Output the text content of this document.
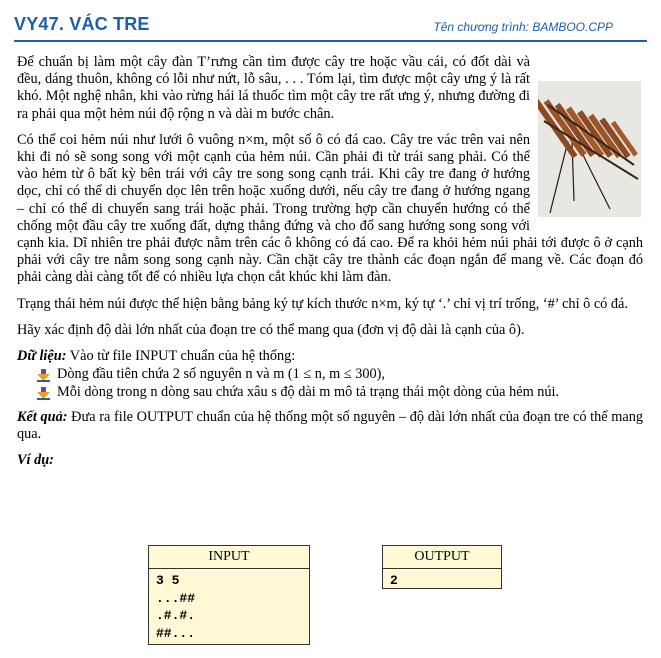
VY47. VÁC TRE	Tên chương trình: BAMBOO.CPP

Để chuẩn bị làm một cây đàn T’rưng cần tìm được cây tre hoặc vầu cái, có đốt dài và đều, dáng thuôn, không có lỗi như nứt, lỗ sâu, . . . Tóm lại, tìm được một cây ưng ý là rất khó. Một nghệ nhân, khi vào rừng hái lá thuốc tìm một cây tre rất ưng ý, nhưng đường đi ra phải qua một hẻm núi độ rộng n và dài m bước chân.

Có thể coi hẻm núi như lưới ô vuông n×m, một số ô có đá cao. Cây tre vác trên vai nên khi đi nó sẽ song song với một cạnh của hẻm núi. Cần phải đi từ trái sang phải. Có thể vào hẻm từ ô bất kỳ bên trái với cây tre song song cạnh trái. Khi cây tre đang ở hướng dọc, chỉ có thể di chuyển dọc lên trên hoặc xuống dưới, nếu cây tre đang ở hướng ngang – chỉ có thể di chuyển sang trái hoặc phải. Trong trường hợp cần chuyển hướng có thể chống một đầu cây tre xuống đất, dựng thẳng đứng và cho đổ sang hướng song song với cạnh kia. Dĩ nhiên tre phải được nằm trên các ô không có đá cao. Để ra khỏi hẻm núi phải tới được ô ở cạnh phải với cây tre nằm song song cạnh này. Cần chặt cây tre thành các đoạn ngắn để mang về. Các đoạn đó phải càng dài càng tốt để có nhiều lựa chọn cắt khúc khi làm đàn.

Trạng thái hẻm núi được thể hiện bằng bảng ký tự kích thước n×m, ký tự ‘.’ chỉ vị trí trống, ‘#’ chỉ ô có đá.

Hãy xác định độ dài lớn nhất của đoạn tre có thể mang qua (đơn vị độ dài là cạnh của ô).

Dữ liệu: Vào từ file INPUT chuẩn của hệ thống:
Dòng đầu tiên chứa 2 số nguyên n và m (1 ≤ n, m ≤ 300),
Mỗi dòng trong n dòng sau chứa xâu s độ dài m mô tả trạng thái một dòng của hẻm núi.

Kết quả: Đưa ra file OUTPUT chuẩn của hệ thống một số nguyên – độ dài lớn nhất của đoạn tre có thể mang qua.

Ví dụ:
INPUT
3 5
...##
.#.#.
##...
OUTPUT
2
